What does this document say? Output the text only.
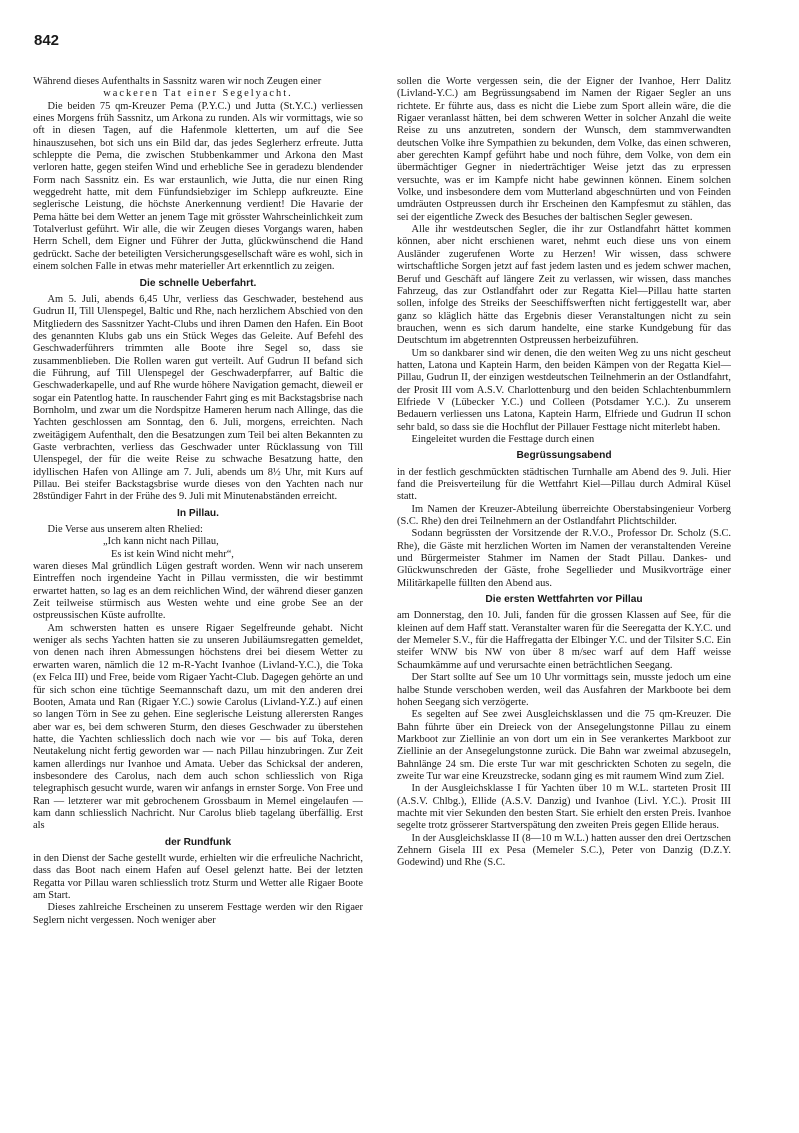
842

Während dieses Aufenthalts in Sassnitz waren wir noch Zeugen einer

wackeren Tat einer Segelyacht.

Die beiden 75 qm-Kreuzer Pema (P.Y.C.) und Jutta (St.Y.C.) verliessen eines Morgens früh Sassnitz, um Arkona zu runden. Als wir vormittags, wie so oft in diesen Tagen, auf die Hafenmole kletterten, um auf die See hinauszusehen, bot sich uns ein Bild dar, das jedes Seglerherz erfreute. Jutta schleppte die Pema, die zwischen Stubbenkammer und Arkona den Mast verloren hatte, gegen steifen Wind und erhebliche See in geradezu blendender Form nach Sassnitz ein. Es war erstaunlich, wie Jutta, die nur einen Ring weggedreht hatte, mit dem Fünfundsiebziger im Schlepp aufkreuzte. Eine seglerische Leistung, die höchste Anerkennung verdient! Die Havarie der Pema hätte bei dem Wetter an jenem Tage mit grösster Wahrscheinlichkeit zum Totalverlust geführt. Wir alle, die wir Zeugen dieses Vorgangs waren, haben Herrn Schell, dem Eigner und Führer der Jutta, glückwünschend die Hand gedrückt. Sache der beteiligten Versicherungsgesellschaft wäre es wohl, sich in einem solchen Falle in etwas mehr materieller Art erkenntlich zu zeigen.

Die schnelle Ueberfahrt.

Am 5. Juli, abends 6,45 Uhr, verliess das Geschwader, bestehend aus Gudrun II, Till Ulenspegel, Baltic und Rhe, nach herzlichem Abschied von den Mitgliedern des Sassnitzer Yacht-Clubs und ihren Damen den Hafen. Ein Boot des genannten Klubs gab uns ein Stück Weges das Geleite. Auf Befehl des Geschwaderführers trimmten alle Boote ihre Segel so, dass sie zusammenblieben. Die Rollen waren gut verteilt. Auf Gudrun II befand sich die Führung, auf Till Ulenspegel der Geschwaderpfarrer, auf Baltic die Geschwaderkapelle, und auf Rhe wurde höhere Navigation gemacht, dieweil er sogar ein Patentlog hatte. In rauschender Fahrt ging es mit Backstagsbrise nach Bornholm, und zwar um die Nordspitze Hameren herum nach Allinge, das die Yachten geschlossen am Sonntag, den 6. Juli, morgens, erreichten. Nach zweitägigem Aufenthalt, den die Besatzungen zum Teil bei alten Bekannten zu Gaste verbrachten, verliess das Geschwader unter Rücklassung von Till Ulenspegel, der für die weite Reise zu schwache Besatzung hatte, den idyllischen Hafen von Allinge am 7. Juli, abends um 8½ Uhr, mit Kurs auf Pillau. Bei steifer Backstagsbrise wurde dieses von den Yachten nach nur 28stündiger Fahrt in der Frühe des 9. Juli mit Minutenabständen erreicht.

In Pillau.

Die Verse aus unserem alten Rhelied:

„Ich kann nicht nach Pillau,

Es ist kein Wind nicht mehr“,

waren dieses Mal gründlich Lügen gestraft worden. Wenn wir nach unserem Eintreffen noch irgendeine Yacht in Pillau vermissten, die wir bestimmt erwartet hatten, so lag es an dem reichlichen Wind, der während dieser ganzen Zeit teilweise stürmisch aus Westen wehte und eine grobe See an der ostpreussischen Küste aufrollte.

Am schwersten hatten es unsere Rigaer Segelfreunde gehabt. Nicht weniger als sechs Yachten hatten sie zu unseren Jubiläumsregatten gemeldet, von denen nach ihren Abmessungen höchstens drei bei diesem Wetter zu erwarten waren, nämlich die 12 m-R-Yacht Ivanhoe (Livland-Y.C.), die Toka (ex Felca III) und Free, beide vom Rigaer Yacht-Club. Dagegen gehörte an und für sich schon eine tüchtige Seemannschaft dazu, um mit den anderen drei Booten, Amata und Ran (Rigaer Y.C.) sowie Carolus (Livland-Y.Z.) auf einen so langen Törn in See zu gehen. Eine seglerische Leistung allerersten Ranges aber war es, bei dem schweren Sturm, den dieses Geschwader zu überstehen hatte, die Yachten schliesslich doch nach wie vor — bis auf Toka, deren Neutakelung nicht fertig geworden war — nach Pillau hinzubringen. Zur Zeit kamen allerdings nur Ivanhoe und Amata. Ueber das Schicksal der anderen, insbesondere des Carolus, nach dem auch schon schliesslich von Riga telegraphisch gesucht wurde, waren wir anfangs in ernster Sorge. Von Free und Ran — letzterer war mit gebrochenem Grossbaum in Memel eingelaufen — kam dann schliesslich Nachricht. Nur Carolus blieb tagelang überfällig. Erst als

der Rundfunk

in den Dienst der Sache gestellt wurde, erhielten wir die erfreuliche Nachricht, dass das Boot nach einem Hafen auf Oesel gelenzt hatte. Bei der letzten Regatta vor Pillau waren schliesslich trotz Sturm und Wetter alle Rigaer Boote am Start.

Dieses zahlreiche Erscheinen zu unserem Festtage werden wir den Rigaer Seglern nicht vergessen. Noch weniger aber

sollen die Worte vergessen sein, die der Eigner der Ivanhoe, Herr Dalitz (Livland-Y.C.) am Begrüssungsabend im Namen der Rigaer Segler an uns richtete. Er führte aus, dass es nicht die Liebe zum Sport allein wäre, die die Rigaer veranlasst hätten, bei dem schweren Wetter in solcher Anzahl die weite Reise zu uns anzutreten, sondern der Wunsch, dem stammverwandten deutschen Volke ihre Sympathien zu bekunden, dem Volke, das einen schweren, aber gerechten Kampf geführt habe und noch führe, dem Volke, von dem ein übermächtiger Gegner in niederträchtiger Weise jetzt das zu erpressen versuchte, was er im Kampfe nicht habe gewinnen können. Einem solchen Volke, und insbesondere dem vom Mutterland abgeschnürten und von Feinden umdräuten Ostpreussen durch ihr Erscheinen den Kampfesmut zu stählen, das sei der eigentliche Zweck des Besuches der baltischen Segler gewesen.

Alle ihr westdeutschen Segler, die ihr zur Ostlandfahrt hättet kommen können, aber nicht erschienen waret, nehmt euch diese uns von einem Ausländer zugerufenen Worte zu Herzen! Wir wissen, dass schwere wirtschaftliche Sorgen jetzt auf fast jedem lasten und es jedem schwer machen, Beruf und Geschäft auf längere Zeit zu verlassen, wir wissen, dass manches Fahrzeug, das zur Ostlandfahrt oder zur Regatta Kiel—Pillau hatte starten sollen, infolge des Streiks der Seeschiffswerften nicht fertiggestellt war, aber ganz so kläglich hätte das Ergebnis dieser Veranstaltungen nicht zu sein brauchen, wenn es sich darum handelte, eine starke Kundgebung für das Deutschtum im abgetrennten Ostpreussen herbeizuführen.

Um so dankbarer sind wir denen, die den weiten Weg zu uns nicht gescheut hatten, Latona und Kaptein Harm, den beiden Kämpen von der Regatta Kiel—Pillau, Gudrun II, der einzigen westdeutschen Teilnehmerin an der Ostlandfahrt, der Prosit III vom A.S.V. Charlottenburg und den beiden Schlachtenbummlern Elfriede V (Lübecker Y.C.) und Colleen (Potsdamer Y.C.). Zu unserem Bedauern verliessen uns Latona, Kaptein Harm, Elfriede und Gudrun II schon sehr bald, so dass sie die Hochflut der Pillauer Festtage nicht miterlebt haben.

Eingeleitet wurden die Festtage durch einen

Begrüssungsabend

in der festlich geschmückten städtischen Turnhalle am Abend des 9. Juli. Hier fand die Preisverteilung für die Wettfahrt Kiel—Pillau durch Admiral Küsel statt.

Im Namen der Kreuzer-Abteilung überreichte Oberstabsingenieur Vorberg (S.C. Rhe) den drei Teilnehmern an der Ostlandfahrt Plichtschilder.

Sodann begrüssten der Vorsitzende der R.V.O., Professor Dr. Scholz (S.C. Rhe), die Gäste mit herzlichen Worten im Namen der veranstaltenden Vereine und Bürgermeister Stahmer im Namen der Stadt Pillau. Dankes- und Glückwunschreden der Gäste, frohe Segellieder und Musikvorträge einer Militärkapelle füllten den Abend aus.

Die ersten Wettfahrten vor Pillau

am Donnerstag, den 10. Juli, fanden für die grossen Klassen auf See, für die kleinen auf dem Haff statt. Veranstalter waren für die Seeregatta der K.Y.C. und der Memeler S.V., für die Haffregatta der Elbinger Y.C. und der Tilsiter S.C. Ein steifer WNW bis NW von über 8 m/sec warf auf dem Haff weisse Schaumkämme auf und verursachte einen beträchtlichen Seegang.

Der Start sollte auf See um 10 Uhr vormittags sein, musste jedoch um eine halbe Stunde verschoben werden, weil das Ausfahren der Markboote bei dem hohen Seegang sich verzögerte.

Es segelten auf See zwei Ausgleichsklassen und die 75 qm-Kreuzer. Die Bahn führte über ein Dreieck von der Ansegelungstonne Pillau zu einem Markboot zur Ziellinie an von dort um ein in See verankertes Markboot zur Ziellinie an der Ansegelungstonne zurück. Die Bahn war zweimal abzusegeln, Bahnlänge 24 sm. Die erste Tur war mit geschrickten Schoten zu segeln, die zweite Tur war eine Kreuzstrecke, sodann ging es mit raumem Wind zum Ziel.

In der Ausgleichsklasse I für Yachten über 10 m W.L. starteten Prosit III (A.S.V. Chlbg.), Ellide (A.S.V. Danzig) und Ivanhoe (Livl. Y.C.). Prosit III machte mit vier Sekunden den besten Start. Sie erhielt den ersten Preis. Ivanhoe segelte trotz grösserer Startverspätung den zweiten Preis gegen Ellide heraus.

In der Ausgleichsklasse II (8—10 m W.L.) hatten ausser den drei Oertzschen Zehnern Gisela III ex Pesa (Memeler S.C.), Peter von Danzig (D.Z.Y. Godewind) und Rhe (S.C.
